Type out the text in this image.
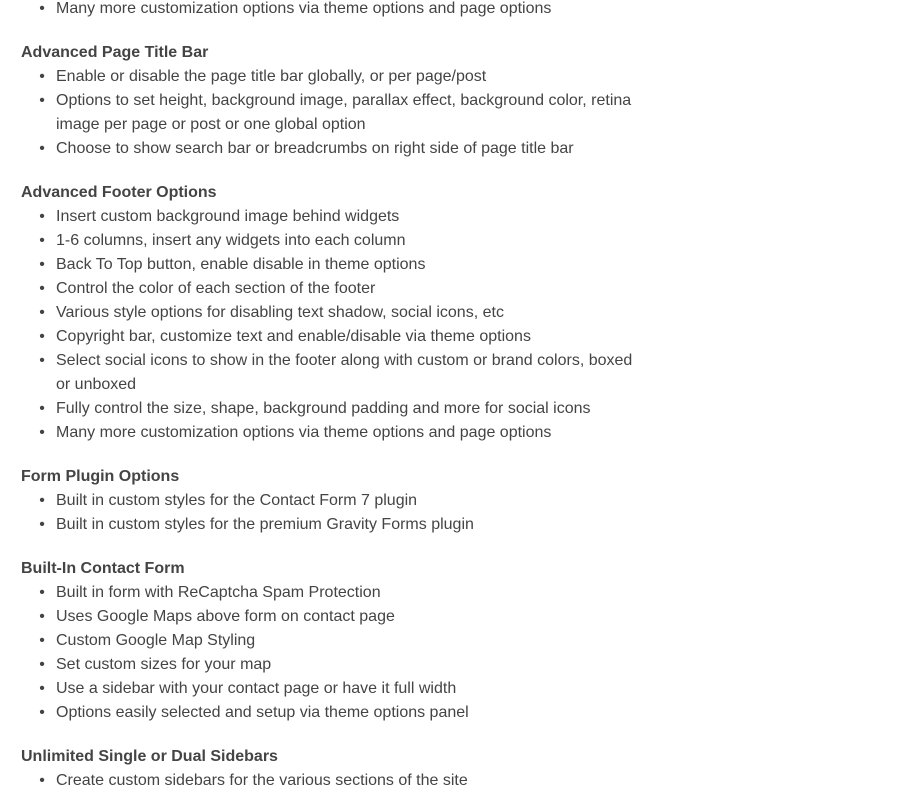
•
Many more customization options via theme options and page options
Advanced Page Title Bar
•
Enable or disable the page title bar globally, or per page/post
•
Options to set height, background image, parallax effect, background color, retina image per page or post or one global option
•
Choose to show search bar or breadcrumbs on right side of page title bar
Advanced Footer Options
•
Insert custom background image behind widgets
•
1-6 columns, insert any widgets into each column
•
Back To Top button, enable disable in theme options
•
Control the color of each section of the footer
•
Various style options for disabling text shadow, social icons, etc
•
Copyright bar, customize text and enable/disable via theme options
•
Select social icons to show in the footer along with custom or brand colors, boxed or unboxed
•
Fully control the size, shape, background padding and more for social icons
•
Many more customization options via theme options and page options
Form Plugin Options
•
Built in custom styles for the Contact Form 7 plugin
•
Built in custom styles for the premium Gravity Forms plugin
Built-In Contact Form
•
Built in form with ReCaptcha Spam Protection
•
Uses Google Maps above form on contact page
•
Custom Google Map Styling
•
Set custom sizes for your map
•
Use a sidebar with your contact page or have it full width
•
Options easily selected and setup via theme options panel
Unlimited Single or Dual Sidebars
•
Create custom sidebars for the various sections of the site
